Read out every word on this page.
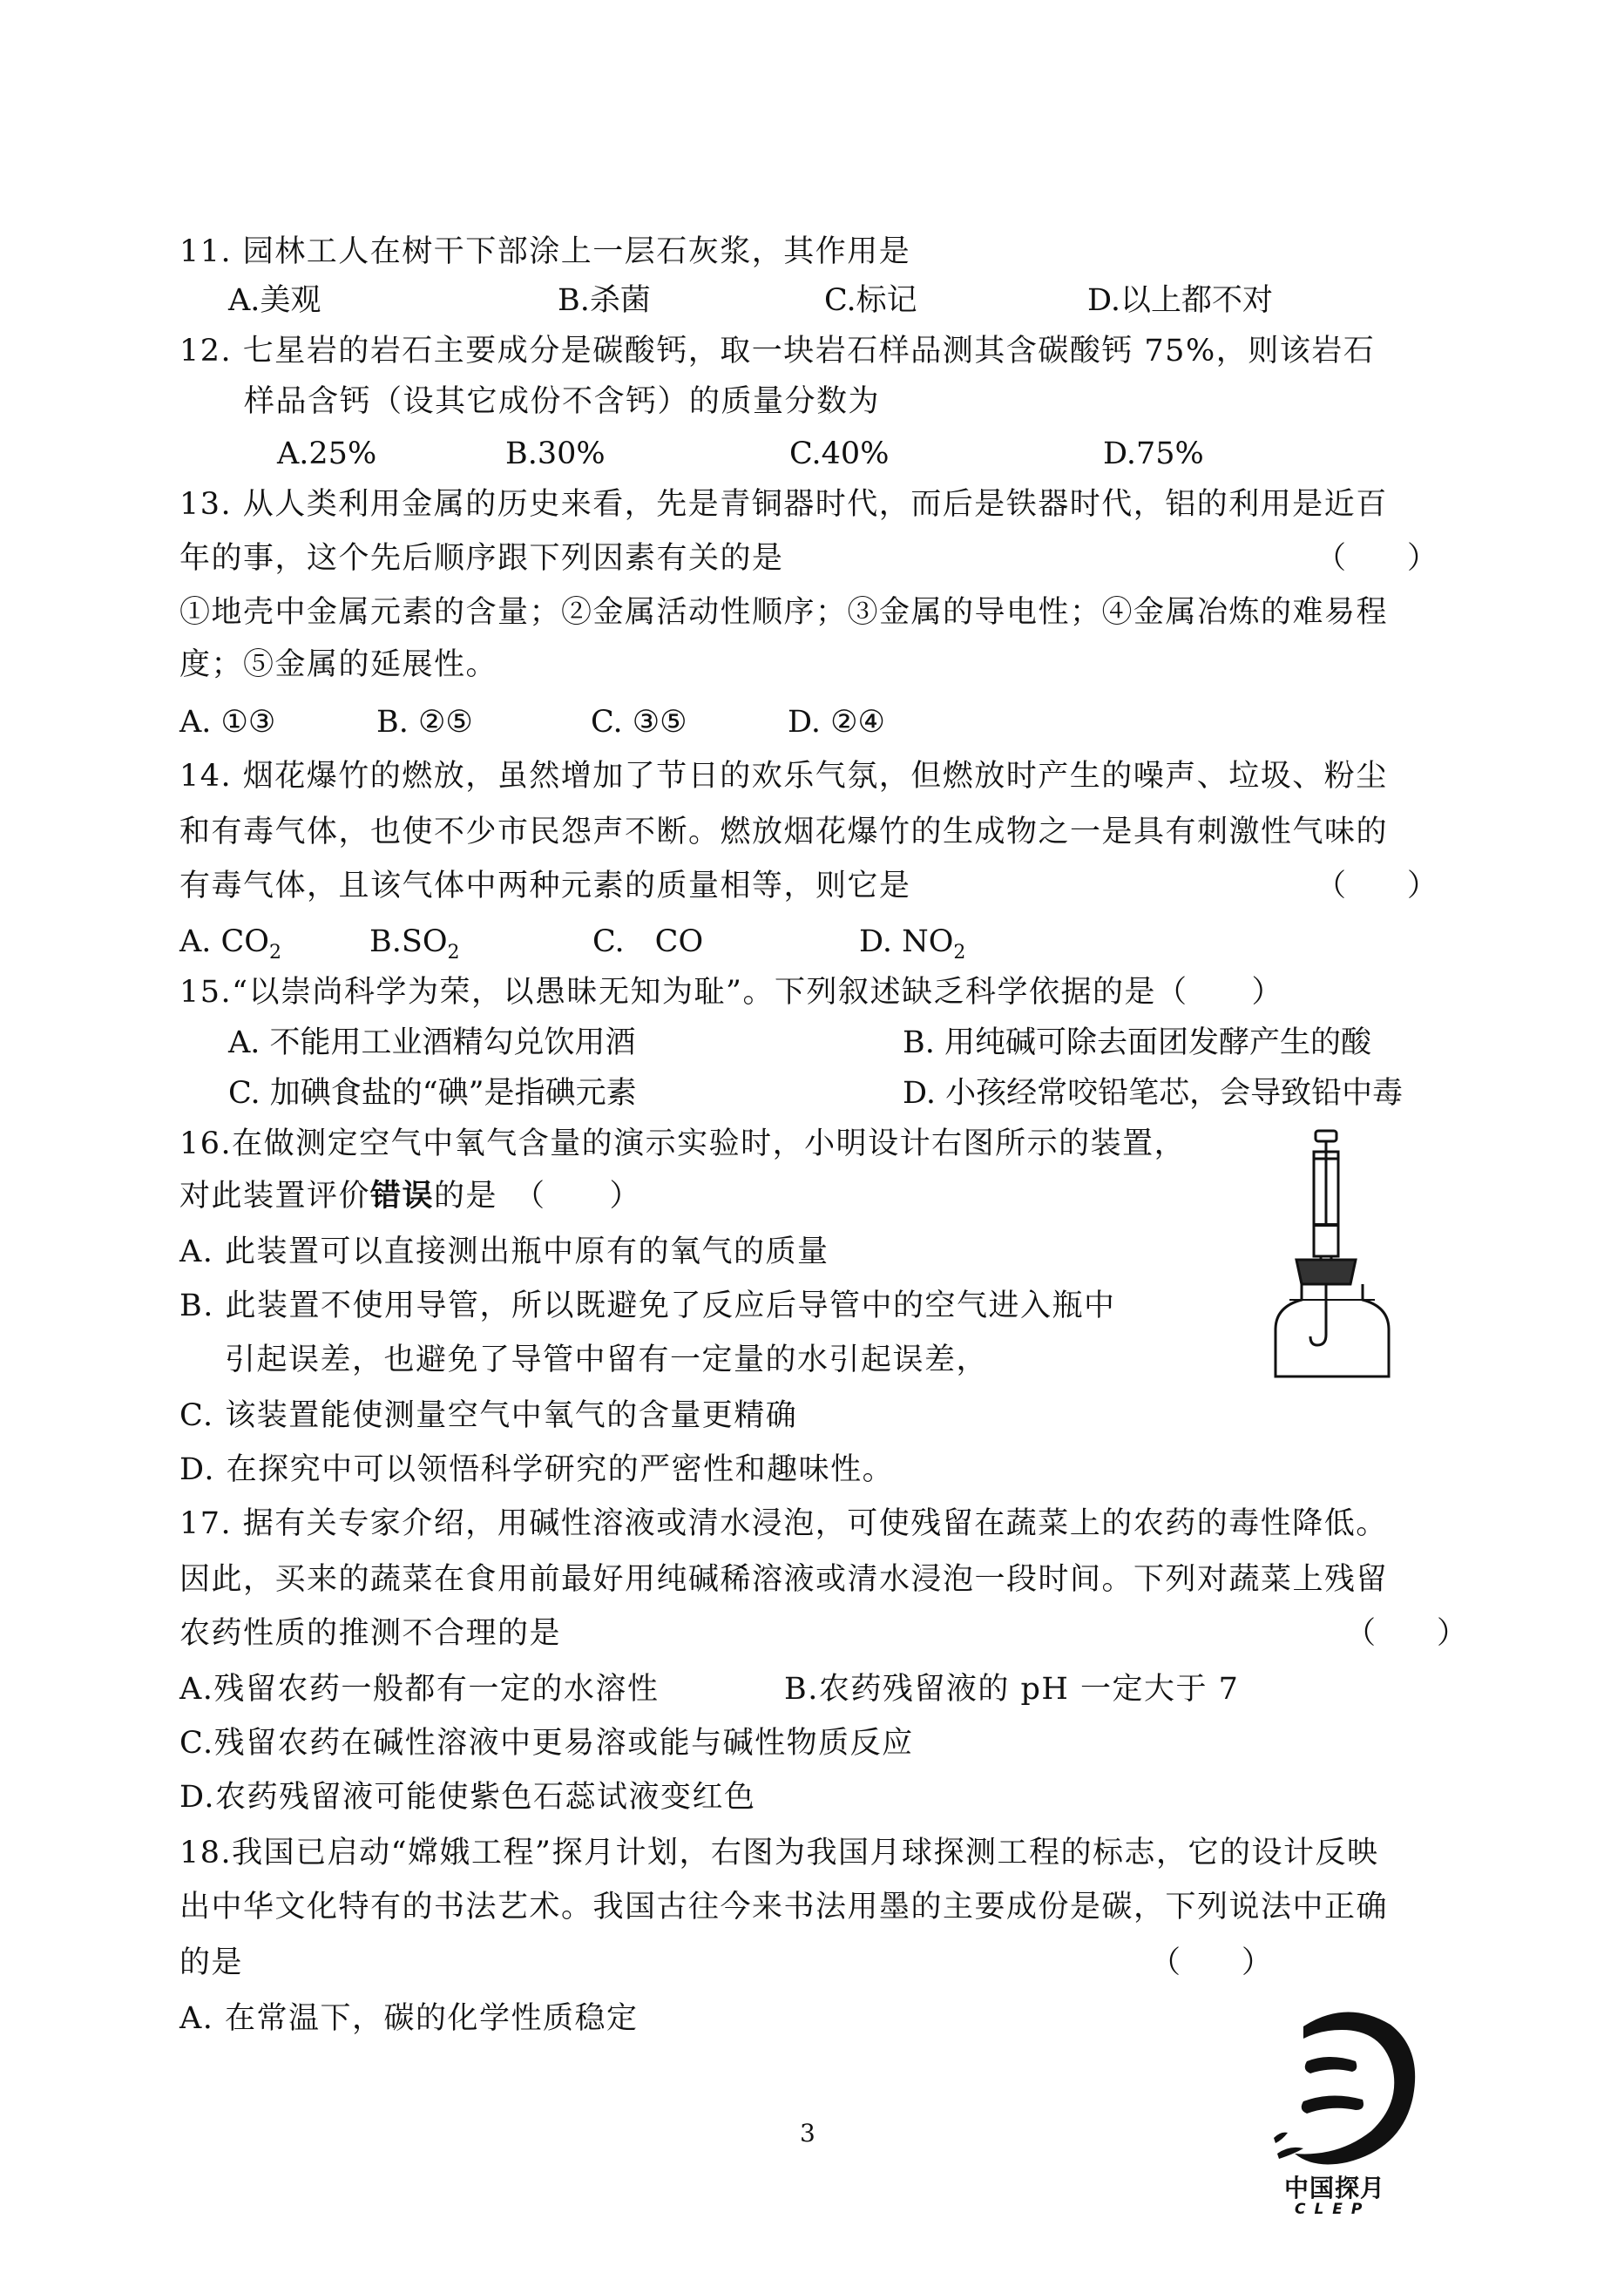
11. 园林工人在树干下部涂上一层石灰浆，其作用是
A.美观	B.杀菌	C.标记	D.以上都不对
12. 七星岩的岩石主要成分是碳酸钙，取一块岩石样品测其含碳酸钙 75%，则该岩石
样品含钙（设其它成份不含钙）的质量分数为
A.25%	B.30%	C.40%	D.75%
13. 从人类利用金属的历史来看，先是青铜器时代，而后是铁器时代，铝的利用是近百
年的事，这个先后顺序跟下列因素有关的是	（　　）
①地壳中金属元素的含量；②金属活动性顺序；③金属的导电性；④金属冶炼的难易程
度；⑤金属的延展性。
A. ①③	B. ②⑤	C. ③⑤	D. ②④
14. 烟花爆竹的燃放，虽然增加了节日的欢乐气氛，但燃放时产生的噪声、垃圾、粉尘
和有毒气体，也使不少市民怨声不断。燃放烟花爆竹的生成物之一是具有刺激性气味的
有毒气体，且该气体中两种元素的质量相等，则它是	（　　）
A. $CO_2$	$B.SO_2$	C.　CO	D. $NO_2$
15.“以崇尚科学为荣，以愚昧无知为耻”。下列叙述缺乏科学依据的是（　　）
A. 不能用工业酒精勾兑饮用酒	B. 用纯碱可除去面团发酵产生的酸
C. 加碘食盐的“碘”是指碘元素	D. 小孩经常咬铅笔芯，会导致铅中毒
16.在做测定空气中氧气含量的演示实验时，小明设计右图所示的装置，
对此装置评价错误的是　（　　）
A. 此装置可以直接测出瓶中原有的氧气的质量
B. 此装置不使用导管，所以既避免了反应后导管中的空气进入瓶中
引起误差，也避免了导管中留有一定量的水引起误差，
C. 该装置能使测量空气中氧气的含量更精确
D. 在探究中可以领悟科学研究的严密性和趣味性。
17. 据有关专家介绍，用碱性溶液或清水浸泡，可使残留在蔬菜上的农药的毒性降低。
因此，买来的蔬菜在食用前最好用纯碱稀溶液或清水浸泡一段时间。下列对蔬菜上残留
农药性质的推测不合理的是	（　　）
A.残留农药一般都有一定的水溶性	B.农药残留液的 pH 一定大于 7
C.残留农药在碱性溶液中更易溶或能与碱性物质反应
D.农药残留液可能使紫色石蕊试液变红色
18.我国已启动“嫦娥工程”探月计划，右图为我国月球探测工程的标志，它的设计反映
出中华文化特有的书法艺术。我国古往今来书法用墨的主要成份是碳，下列说法中正确
的是	（　　）
A. 在常温下，碳的化学性质稳定
中国探月
CLEP
3
